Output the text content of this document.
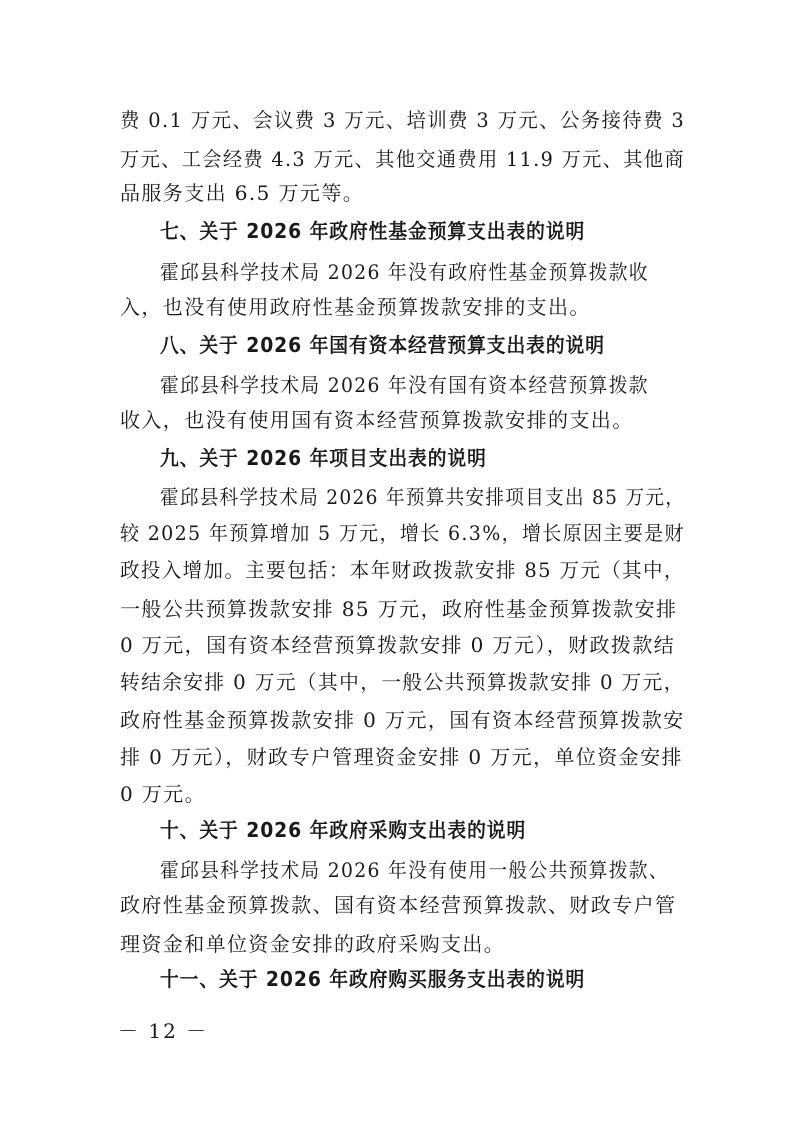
费 0.1 万元、会议费 3 万元、培训费 3 万元、公务接待费 3
万元、工会经费 4.3 万元、其他交通费用 11.9 万元、其他商
品服务支出 6.5 万元等。
七、关于 2026 年政府性基金预算支出表的说明
霍邱县科学技术局 2026 年没有政府性基金预算拨款收
入，也没有使用政府性基金预算拨款安排的支出。
八、关于 2026 年国有资本经营预算支出表的说明
霍邱县科学技术局 2026 年没有国有资本经营预算拨款
收入，也没有使用国有资本经营预算拨款安排的支出。
九、关于 2026 年项目支出表的说明
霍邱县科学技术局 2026 年预算共安排项目支出 85 万元，
较 2025 年预算增加 5 万元，增长 6.3%，增长原因主要是财
政投入增加。主要包括：本年财政拨款安排 85 万元（其中，
一般公共预算拨款安排 85 万元，政府性基金预算拨款安排
0 万元，国有资本经营预算拨款安排 0 万元），财政拨款结
转结余安排 0 万元（其中，一般公共预算拨款安排 0 万元，
政府性基金预算拨款安排 0 万元，国有资本经营预算拨款安
排 0 万元），财政专户管理资金安排 0 万元，单位资金安排
0 万元。
十、关于 2026 年政府采购支出表的说明
霍邱县科学技术局 2026 年没有使用一般公共预算拨款、
政府性基金预算拨款、国有资本经营预算拨款、财政专户管
理资金和单位资金安排的政府采购支出。
十一、关于 2026 年政府购买服务支出表的说明
－ 12 －
